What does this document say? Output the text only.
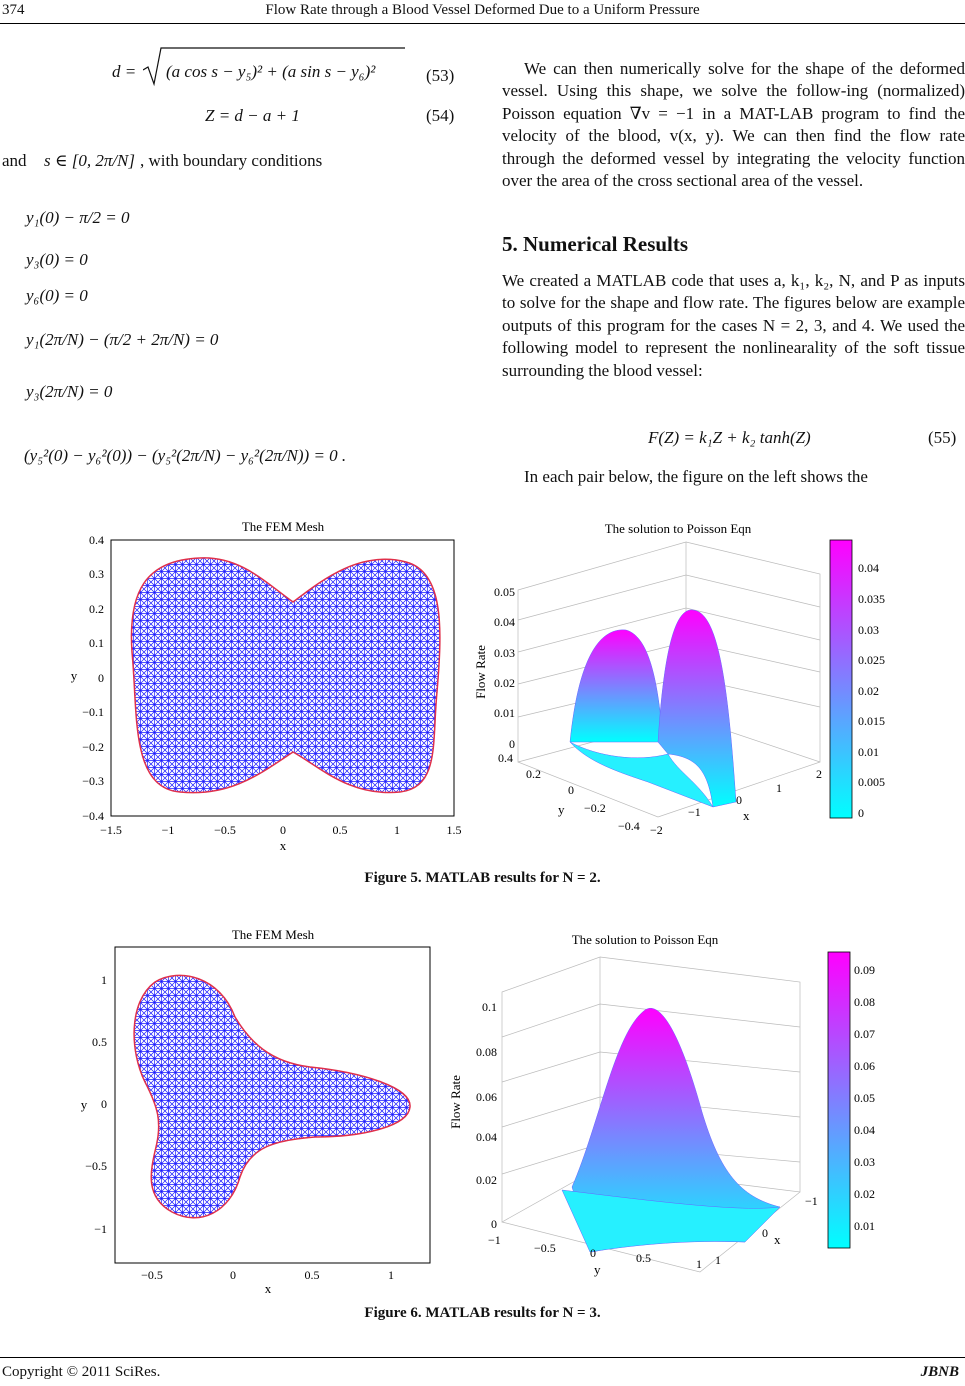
374	Flow Rate through a Blood Vessel Deformed Due to a Uniform Pressure
d = (a cos s − y₅)² + (a sin s − y₆)²	(53)
Z = d − a + 1	(54)
and s ∈ [0, 2π/N] , with boundary conditions
y₁(0) − π/2 = 0
y₃(0) = 0
y₆(0) = 0
y₁(2π/N) − (π/2 + 2π/N) = 0
y₃(2π/N) = 0
(y₅²(0) − y₆²(0)) − (y₅²(2π/N) − y₆²(2π/N)) = 0 .
We can then numerically solve for the shape of the deformed vessel. Using this shape, we solve the follow-ing (normalized) Poisson equation ∇v = −1 in a MAT-LAB program to find the velocity of the blood, v(x, y). We can then find the flow rate through the deformed vessel by integrating the velocity function over the area of the cross sectional area of the vessel.
5. Numerical Results
We created a MATLAB code that uses a, k₁, k₂, N, and P as inputs to solve for the shape and flow rate. The figures below are example outputs of this program for the cases N = 2, 3, and 4. We used the following model to represent the nonlinearality of the soft tissue surrounding the blood vessel:
F(Z) = k₁Z + k₂ tanh(Z)	(55)
In each pair below, the figure on the left shows the
The FEM Mesh
0.4
0.3
0.2
0.1
0
−0.1
−0.2
−0.3
−0.4
−1.5	−1	−0.5	0	0.5	1	1.5
x
y
The solution to Poisson Eqn
0.05
0.04
0.03
0.02
0.01
0
Flow Rate
0.4
0.2
0
−0.2
−0.4
y
−2
−1
0
1
2
x
0.04
0.035
0.03
0.025
0.02
0.015
0.01
0.005
0
Figure 5. MATLAB results for N = 2.
The FEM Mesh
1
0.5
0
−0.5
−1
−0.5	0	0.5	1
x
y
The solution to Poisson Eqn
0.1
0.08
0.06
0.04
0.02
0
Flow Rate
−1
−0.5	0	0.5	1
y
1
0
−1
x
0.09
0.08
0.07
0.06
0.05
0.04
0.03
0.02
0.01
Figure 6. MATLAB results for N = 3.
Copyright © 2011 SciRes.	JBNB
